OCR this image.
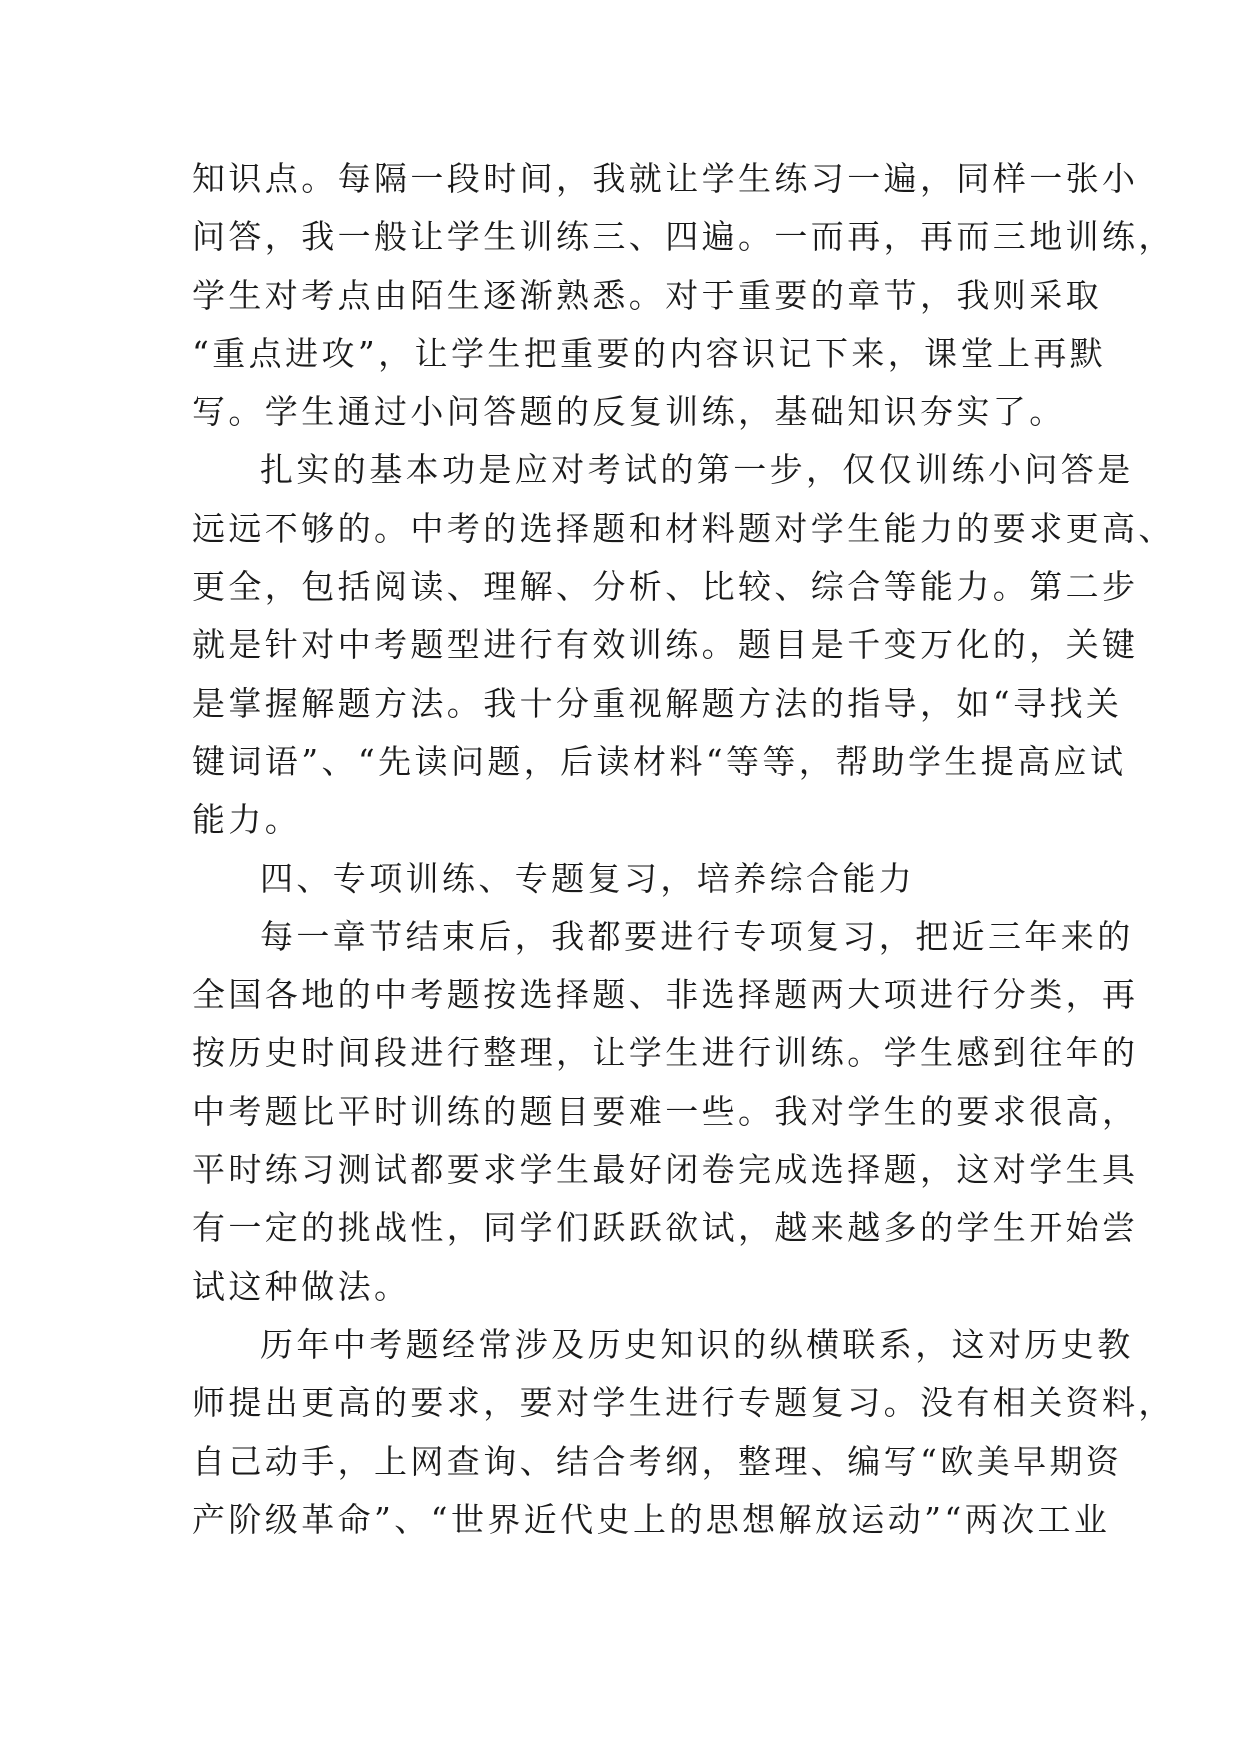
知识点。每隔一段时间，我就让学生练习一遍，同样一张小
问答，我一般让学生训练三、四遍。一而再，再而三地训练，
学生对考点由陌生逐渐熟悉。对于重要的章节，我则采取
“重点进攻”，让学生把重要的内容识记下来，课堂上再默
写。学生通过小问答题的反复训练，基础知识夯实了。
扎实的基本功是应对考试的第一步，仅仅训练小问答是
远远不够的。中考的选择题和材料题对学生能力的要求更高、
更全，包括阅读、理解、分析、比较、综合等能力。第二步
就是针对中考题型进行有效训练。题目是千变万化的，关键
是掌握解题方法。我十分重视解题方法的指导，如“寻找关
键词语”、“先读问题，后读材料“等等，帮助学生提高应试
能力。
四、专项训练、专题复习，培养综合能力
每一章节结束后，我都要进行专项复习，把近三年来的
全国各地的中考题按选择题、非选择题两大项进行分类，再
按历史时间段进行整理，让学生进行训练。学生感到往年的
中考题比平时训练的题目要难一些。我对学生的要求很高，
平时练习测试都要求学生最好闭卷完成选择题，这对学生具
有一定的挑战性，同学们跃跃欲试，越来越多的学生开始尝
试这种做法。
历年中考题经常涉及历史知识的纵横联系，这对历史教
师提出更高的要求，要对学生进行专题复习。没有相关资料，
自己动手，上网查询、结合考纲，整理、编写“欧美早期资
产阶级革命”、“世界近代史上的思想解放运动”“两次工业
